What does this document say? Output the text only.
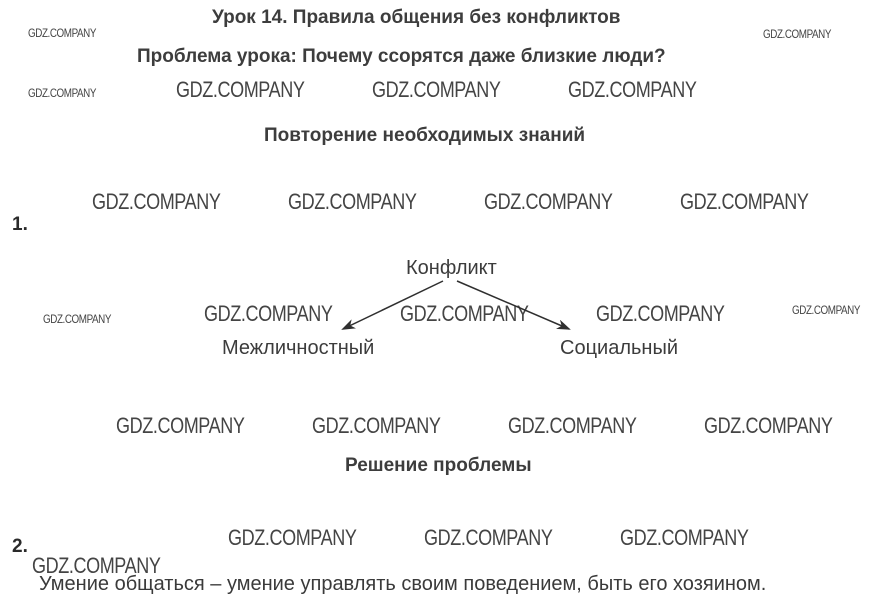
GDZ.COMPANY
GDZ.COMPANY
GDZ.COMPANY
GDZ.COMPANY	GDZ.COMPANY	GDZ.COMPANY
GDZ.COMPANY	GDZ.COMPANY	GDZ.COMPANY	GDZ.COMPANY
GDZ.COMPANY	GDZ.COMPANY	GDZ.COMPANY	GDZ.COMPANY	GDZ.COMPANY
GDZ.COMPANY	GDZ.COMPANY	GDZ.COMPANY	GDZ.COMPANY
GDZ.COMPANY	GDZ.COMPANY	GDZ.COMPANY
GDZ.COMPANY
Урок 14. Правила общения без конфликтов
Проблема урока: Почему ссорятся даже близкие люди?
Повторение необходимых знаний
1.
Конфликт
Межличностный	Социальный
Решение проблемы
2.
Умение общаться – умение управлять своим поведением, быть его хозяином.
